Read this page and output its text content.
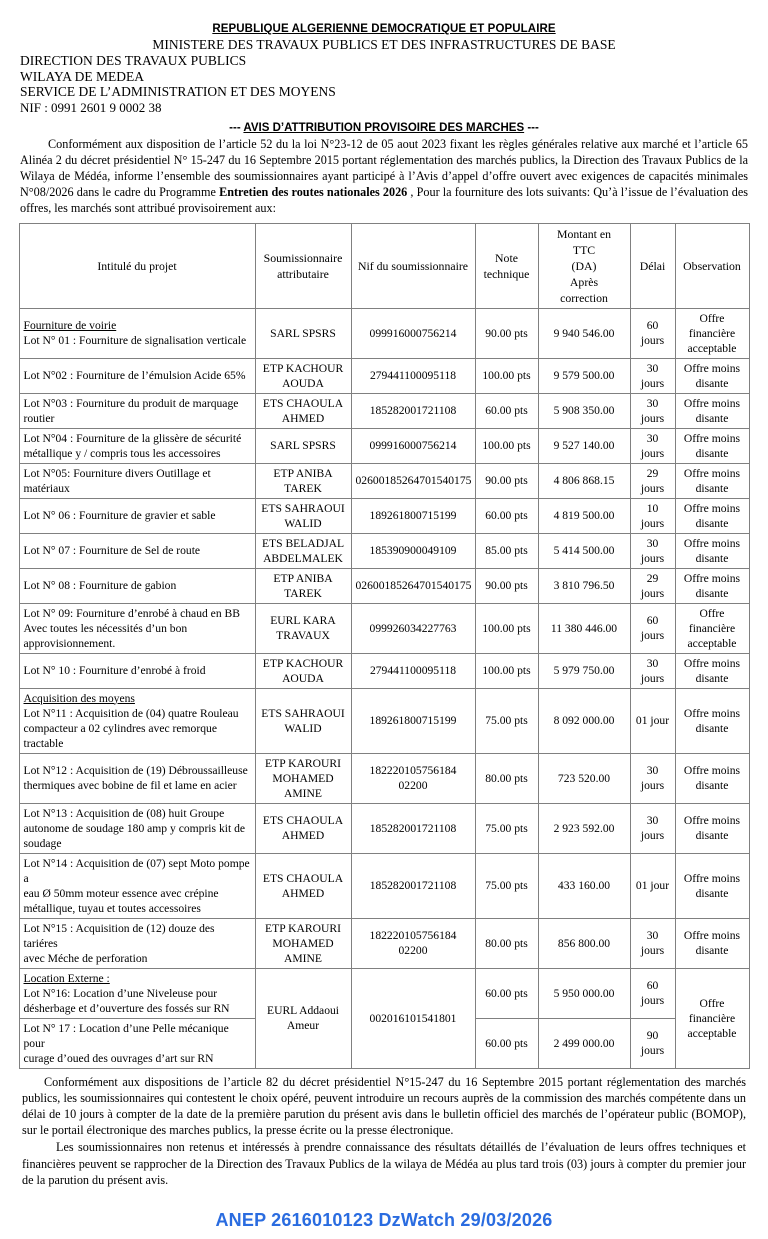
REPUBLIQUE ALGERIENNE DEMOCRATIQUE ET POPULAIRE
MINISTERE DES TRAVAUX PUBLICS ET DES INFRASTRUCTURES DE BASE
DIRECTION DES TRAVAUX PUBLICS
WILAYA DE MEDEA
SERVICE DE L’ADMINISTRATION ET DES MOYENS
NIF : 0991 2601 9 0002 38
--- AVIS D’ATTRIBUTION PROVISOIRE DES MARCHES ---

Conformément aux disposition de l’article 52 du la loi N°23-12 de 05 aout 2023 fixant les règles générales relative aux marché et l’article 65 Alinéa 2 du décret présidentiel N° 15-247 du 16 Septembre 2015 portant réglementation des marchés publics, la Direction des Travaux Publics de la Wilaya de Médéa, informe l’ensemble des soumissionnaires ayant participé à l’Avis d’appel d’offre ouvert avec exigences de capacités minimales N°08/2026 dans le cadre du Programme Entretien des routes nationales 2026 , Pour la fourniture des lots suivants: Qu’à l’issue de l’évaluation des offres, les marchés sont attribué provisoirement aux:

Intitulé du projet	Soumissionnaire
attributaire	Nif du soumissionnaire	Note
technique	Montant en
TTC
(DA)
Après
correction	Délai	Observation

Fourniture de voirie
Lot N° 01 : Fourniture de signalisation verticale	SARL SPSRS	099916000756214	90.00 pts	9 940 546.00	60
jours	Offre
financière
acceptable

Lot N°02 : Fourniture de l’émulsion Acide 65%	ETP KACHOUR
AOUDA	279441100095118	100.00 pts	9 579 500.00	30
jours	Offre moins
disante

Lot N°03 : Fourniture du produit de marquage
routier	ETS CHAOULA
AHMED	185282001721108	60.00 pts	5 908 350.00	30
jours	Offre moins
disante

Lot N°04 : Fourniture de la glissère de sécurité
métallique y / compris tous les accessoires	SARL SPSRS	099916000756214	100.00 pts	9 527 140.00	30
jours	Offre moins
disante

Lot N°05: Fourniture divers Outillage et matériaux	ETP ANIBA
TAREK	02600185264701540175	90.00 pts	4 806 868.15	29
jours	Offre moins
disante

Lot N° 06 : Fourniture de gravier et sable	ETS SAHRAOUI
WALID	189261800715199	60.00 pts	4 819 500.00	10
jours	Offre moins
disante

Lot N° 07 : Fourniture de Sel de route	ETS BELADJAL
ABDELMALEK	185390900049109	85.00 pts	5 414 500.00	30
jours	Offre moins
disante

Lot N° 08 : Fourniture de gabion	ETP ANIBA
TAREK	02600185264701540175	90.00 pts	3 810 796.50	29
jours	Offre moins
disante

Lot N° 09: Fourniture d’enrobé à chaud en BB
Avec toutes les nécessités d’un bon
approvisionnement.	EURL KARA
TRAVAUX	099926034227763	100.00 pts	11 380 446.00	60
jours	Offre
financière
acceptable

Lot N° 10 : Fourniture d’enrobé à froid	ETP KACHOUR
AOUDA	279441100095118	100.00 pts	5 979 750.00	30
jours	Offre moins
disante

Acquisition des moyens
Lot N°11 : Acquisition de (04) quatre Rouleau
compacteur a 02 cylindres avec remorque tractable	ETS SAHRAOUI
WALID	189261800715199	75.00 pts	8 092 000.00	01 jour	Offre moins
disante

Lot N°12 : Acquisition de (19) Débroussailleuse
thermiques avec bobine de fil et lame en acier	ETP KAROURI
MOHAMED
AMINE	182220105756184
02200	80.00 pts	723 520.00	30
jours	Offre moins
disante

Lot N°13 : Acquisition de (08) huit Groupe
autonome de soudage 180 amp y compris kit de
soudage	ETS CHAOULA
AHMED	185282001721108	75.00 pts	2 923 592.00	30
jours	Offre moins
disante

Lot N°14 : Acquisition de (07) sept Moto pompe a
eau Ø 50mm moteur essence avec crépine
métallique, tuyau et toutes accessoires	ETS CHAOULA
AHMED	185282001721108	75.00 pts	433 160.00	01 jour	Offre moins
disante

Lot N°15 : Acquisition de (12) douze des tariéres
avec Méche de perforation	ETP KAROURI
MOHAMED
AMINE	182220105756184
02200	80.00 pts	856 800.00	30
jours	Offre moins
disante

Location Externe :
Lot N°16: Location d’une Niveleuse pour
désherbage et d’ouverture des fossés sur RN	EURL Addaoui
Ameur	002016101541801	60.00 pts	5 950 000.00	60
jours	Offre
financière
acceptable

Lot N° 17 : Location d’une Pelle mécanique pour
curage d’oued des ouvrages d’art sur RN			60.00 pts	2 499 000.00	90
jours	

Conformément aux dispositions de l’article 82 du décret présidentiel N°15-247 du 16 Septembre 2015 portant réglementation des marchés publics, les soumissionnaires qui contestent le choix opéré, peuvent introduire un recours auprès de la commission des marchés compétente dans un délai de 10 jours à compter de la date de la première parution du présent avis dans le bulletin officiel des marchés de l’opérateur public (BOMOP), sur le portail électronique des marches publics, la presse écrite ou la presse électronique.

Les soumissionnaires non retenus et intéressés à prendre connaissance des résultats détaillés de l’évaluation de leurs offres techniques et financières peuvent se rapprocher de la Direction des Travaux Publics de la wilaya de Médéa au plus tard trois (03) jours à compter du premier jour de la parution du présent avis.

ANEP 2616010123 DzWatch 29/03/2026
